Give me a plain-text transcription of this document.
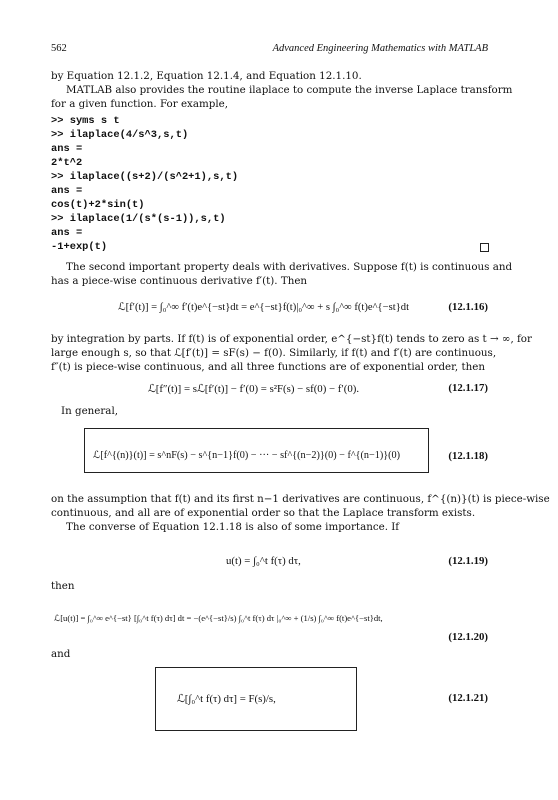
562	Advanced Engineering Mathematics with MATLAB
by Equation 12.1.2, Equation 12.1.4, and Equation 12.1.10.
MATLAB also provides the routine ilaplace to compute the inverse Laplace transform
for a given function. For example,
>> syms s t
>> ilaplace(4/s^3,s,t)
ans =
2*t^2
>> ilaplace((s+2)/(s^2+1),s,t)
ans =
cos(t)+2*sin(t)
>> ilaplace(1/(s*(s-1)),s,t)
ans =
-1+exp(t)
The second important property deals with derivatives. Suppose f(t) is continuous and
has a piece-wise continuous derivative f′(t). Then
ℒ[f′(t)] = ∫₀^∞ f′(t)e^{−st}dt = e^{−st}f(t)|₀^∞ + s ∫₀^∞ f(t)e^{−st}dt	(12.1.16)
by integration by parts. If f(t) is of exponential order, e^{−st}f(t) tends to zero as t → ∞, for
large enough s, so that ℒ[f′(t)] = sF(s) − f(0). Similarly, if f(t) and f′(t) are continuous,
f″(t) is piece-wise continuous, and all three functions are of exponential order, then
ℒ[f″(t)] = sℒ[f′(t)] − f′(0) = s²F(s) − sf(0) − f′(0).	(12.1.17)
In general,
ℒ[f^{(n)}(t)] = s^nF(s) − s^{n−1}f(0) − ··· − sf^{(n−2)}(0) − f^{(n−1)}(0)	(12.1.18)
on the assumption that f(t) and its first n−1 derivatives are continuous, f^{(n)}(t) is piece-wise
continuous, and all are of exponential order so that the Laplace transform exists.
The converse of Equation 12.1.18 is also of some importance. If
u(t) = ∫₀^t f(τ) dτ,	(12.1.19)
then
ℒ[u(t)] = ∫₀^∞ e^{−st} [∫₀^t f(τ) dτ] dt = −(e^{−st}/s) ∫₀^t f(τ) dτ |₀^∞ + (1/s) ∫₀^∞ f(t)e^{−st}dt,
(12.1.20)
and
ℒ[∫₀^t f(τ) dτ] = F(s)/s,	(12.1.21)
